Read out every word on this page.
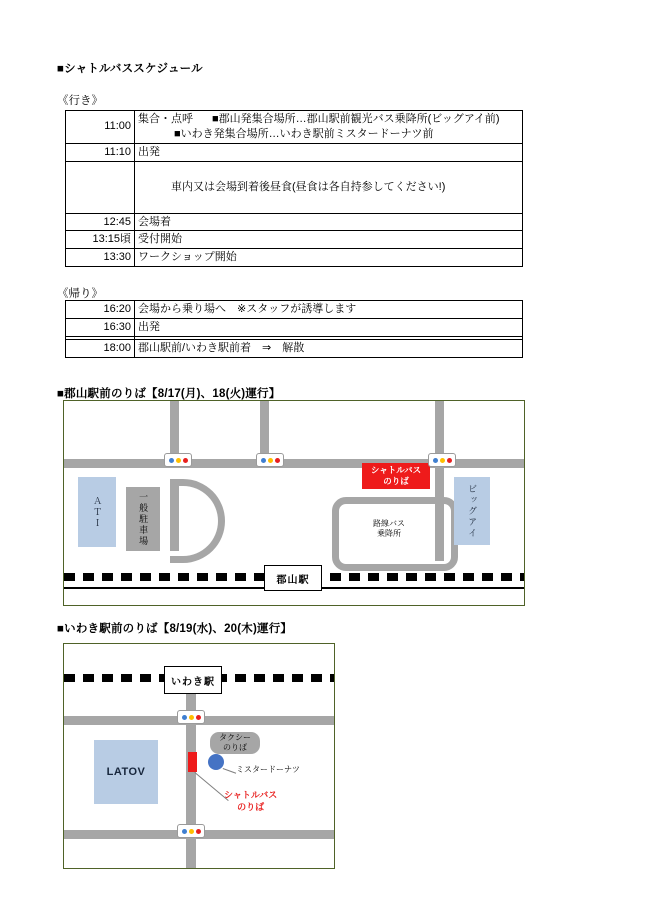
■シャトルバススケジュール
《行き》
11:00	集合・点呼 ■郡山発集合場所…郡山駅前観光バス乗降所(ビッグアイ前)
■いわき発集合場所…いわき駅前ミスタードーナツ前

11:10	出発
	車内又は会場到着後昼食(昼食は各自持参してください!)
12:45	会場着
13:15頃	受付開始
13:30	ワークショップ開始
《帰り》
16:20	会場から乗り場へ　※スタッフが誘導します
16:30	出発

18:00	郡山駅前/いわき駅前着　⇒　解散
■郡山駅前のりば【8/17(月)、18(火)運行】
ＡＴＩ	一般駐車場	ビッグアイ
路線バス
乗降所
シャトルバス
のりば
郡山駅
■いわき駅前のりば【8/19(水)、20(木)運行】
いわき駅
LATOV
タクシー
のりば
ミスタードーナツ
シャトルバス
のりば
